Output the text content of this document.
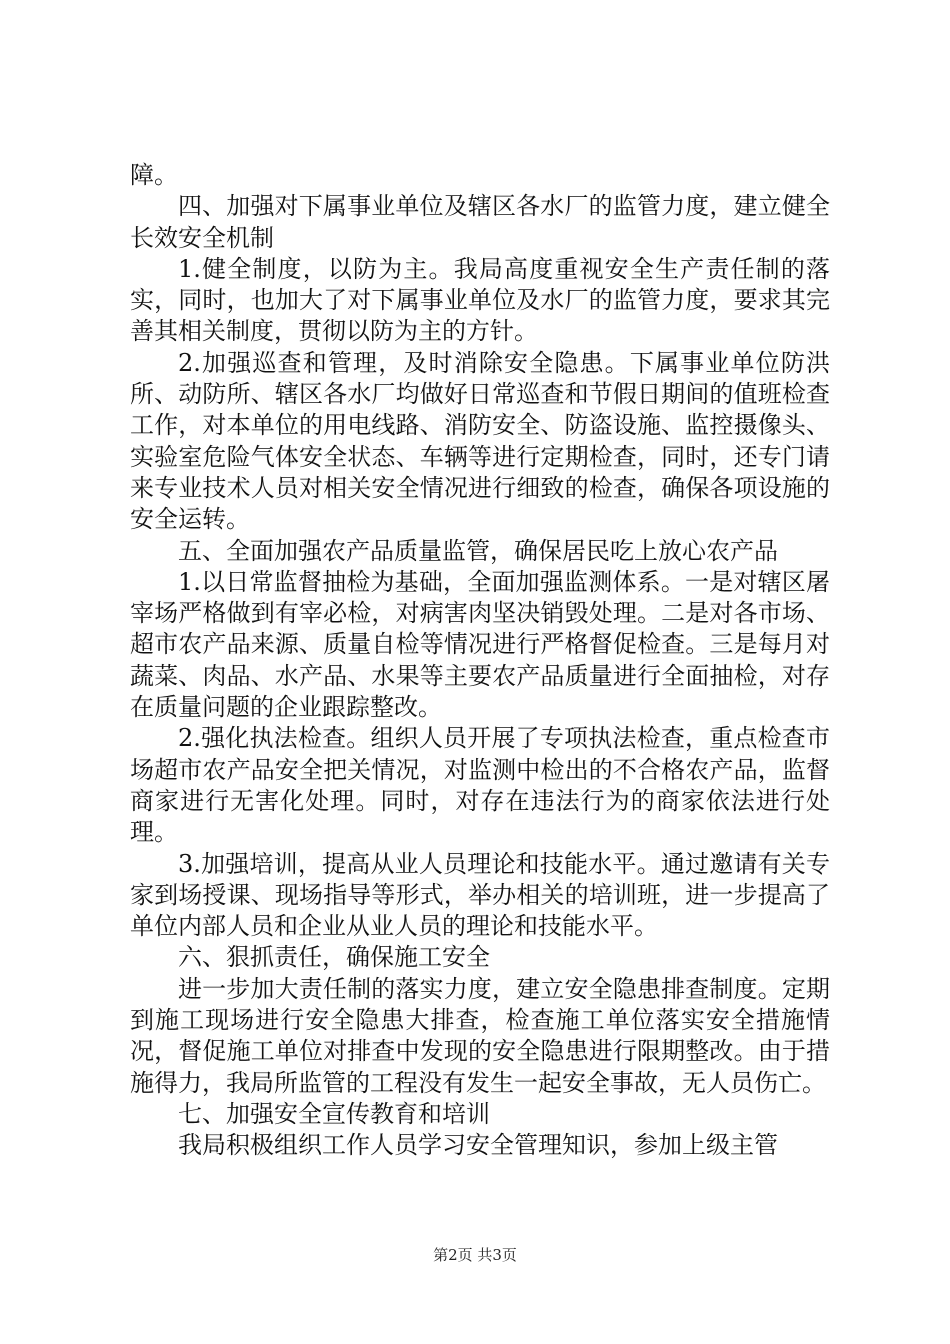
障。

四、加强对下属事业单位及辖区各水厂的监管力度，建立健全长效安全机制

1.健全制度，以防为主。我局高度重视安全生产责任制的落实，同时，也加大了对下属事业单位及水厂的监管力度，要求其完善其相关制度，贯彻以防为主的方针。

2.加强巡查和管理，及时消除安全隐患。下属事业单位防洪所、动防所、辖区各水厂均做好日常巡查和节假日期间的值班检查工作，对本单位的用电线路、消防安全、防盗设施、监控摄像头、实验室危险气体安全状态、车辆等进行定期检查，同时，还专门请来专业技术人员对相关安全情况进行细致的检查，确保各项设施的安全运转。

五、全面加强农产品质量监管，确保居民吃上放心农产品

1.以日常监督抽检为基础，全面加强监测体系。一是对辖区屠宰场严格做到有宰必检，对病害肉坚决销毁处理。二是对各市场、超市农产品来源、质量自检等情况进行严格督促检查。三是每月对蔬菜、肉品、水产品、水果等主要农产品质量进行全面抽检，对存在质量问题的企业跟踪整改。

2.强化执法检查。组织人员开展了专项执法检查，重点检查市场超市农产品安全把关情况，对监测中检出的不合格农产品，监督商家进行无害化处理。同时，对存在违法行为的商家依法进行处理。

3.加强培训，提高从业人员理论和技能水平。通过邀请有关专家到场授课、现场指导等形式，举办相关的培训班，进一步提高了单位内部人员和企业从业人员的理论和技能水平。

六、狠抓责任，确保施工安全

进一步加大责任制的落实力度，建立安全隐患排查制度。定期到施工现场进行安全隐患大排查，检查施工单位落实安全措施情况，督促施工单位对排查中发现的安全隐患进行限期整改。由于措施得力，我局所监管的工程没有发生一起安全事故，无人员伤亡。

七、加强安全宣传教育和培训

我局积极组织工作人员学习安全管理知识，参加上级主管

第2页 共3页
